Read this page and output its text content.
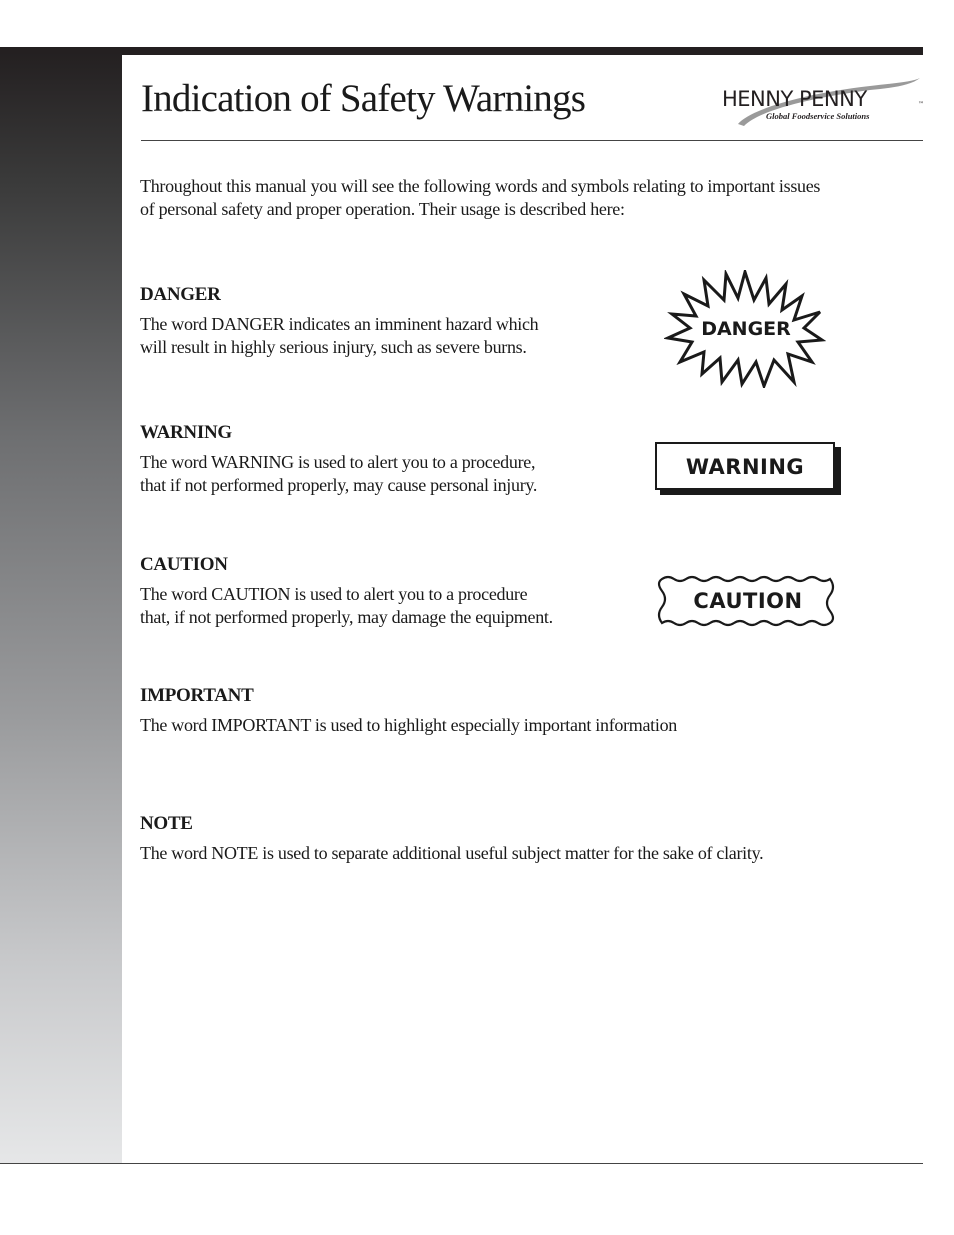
Indication of Safety Warnings	HENNY PENNY	™
Global Foodservice Solutions

Throughout this manual you will see the following words and symbols relating to important issues
of personal safety and proper operation. Their usage is described here:

DANGER

The word DANGER indicates an imminent hazard which
will result in highly serious injury, such as severe burns.

DANGER
WARNING

The word WARNING is used to alert you to a procedure,
that if not performed properly, may cause personal injury.

WARNING
CAUTION

The word CAUTION is used to alert you to a procedure
that, if not performed properly, may damage the equipment.

CAUTION
IMPORTANT

The word IMPORTANT is used to highlight especially important information

NOTE

The word NOTE is used to separate additional useful subject matter for the sake of clarity.
